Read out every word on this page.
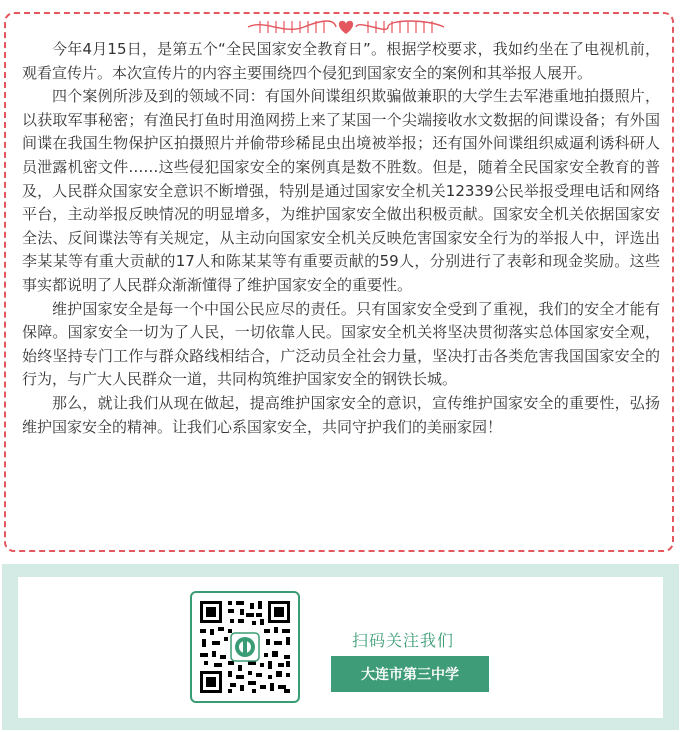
今年4月15日，是第五个“全民国家安全教育日”。根据学校要求，我如约坐在了电视机前，观看宣传片。本次宣传片的内容主要围绕四个侵犯到国家安全的案例和其举报人展开。

四个案例所涉及到的领域不同：有国外间谍组织欺骗做兼职的大学生去军港重地拍摄照片，以获取军事秘密；有渔民打鱼时用渔网捞上来了某国一个尖端接收水文数据的间谍设备；有外国间谍在我国生物保护区拍摄照片并偷带珍稀昆虫出境被举报；还有国外间谍组织威逼利诱科研人员泄露机密文件……这些侵犯国家安全的案例真是数不胜数。但是，随着全民国家安全教育的普及，人民群众国家安全意识不断增强，特别是通过国家安全机关12339公民举报受理电话和网络平台，主动举报反映情况的明显增多，为维护国家安全做出积极贡献。国家安全机关依据国家安全法、反间谍法等有关规定，从主动向国家安全机关反映危害国家安全行为的举报人中，评选出李某某等有重大贡献的17人和陈某某等有重要贡献的59人，分别进行了表彰和现金奖励。这些事实都说明了人民群众渐渐懂得了维护国家安全的重要性。

维护国家安全是每一个中国公民应尽的责任。只有国家安全受到了重视，我们的安全才能有保障。国家安全一切为了人民，一切依靠人民。国家安全机关将坚决贯彻落实总体国家安全观，始终坚持专门工作与群众路线相结合，广泛动员全社会力量，坚决打击各类危害我国国家安全的行为，与广大人民群众一道，共同构筑维护国家安全的钢铁长城。

那么，就让我们从现在做起，提高维护国家安全的意识，宣传维护国家安全的重要性，弘扬维护国家安全的精神。让我们心系国家安全，共同守护我们的美丽家园！

扫码关注我们
大连市第三中学
